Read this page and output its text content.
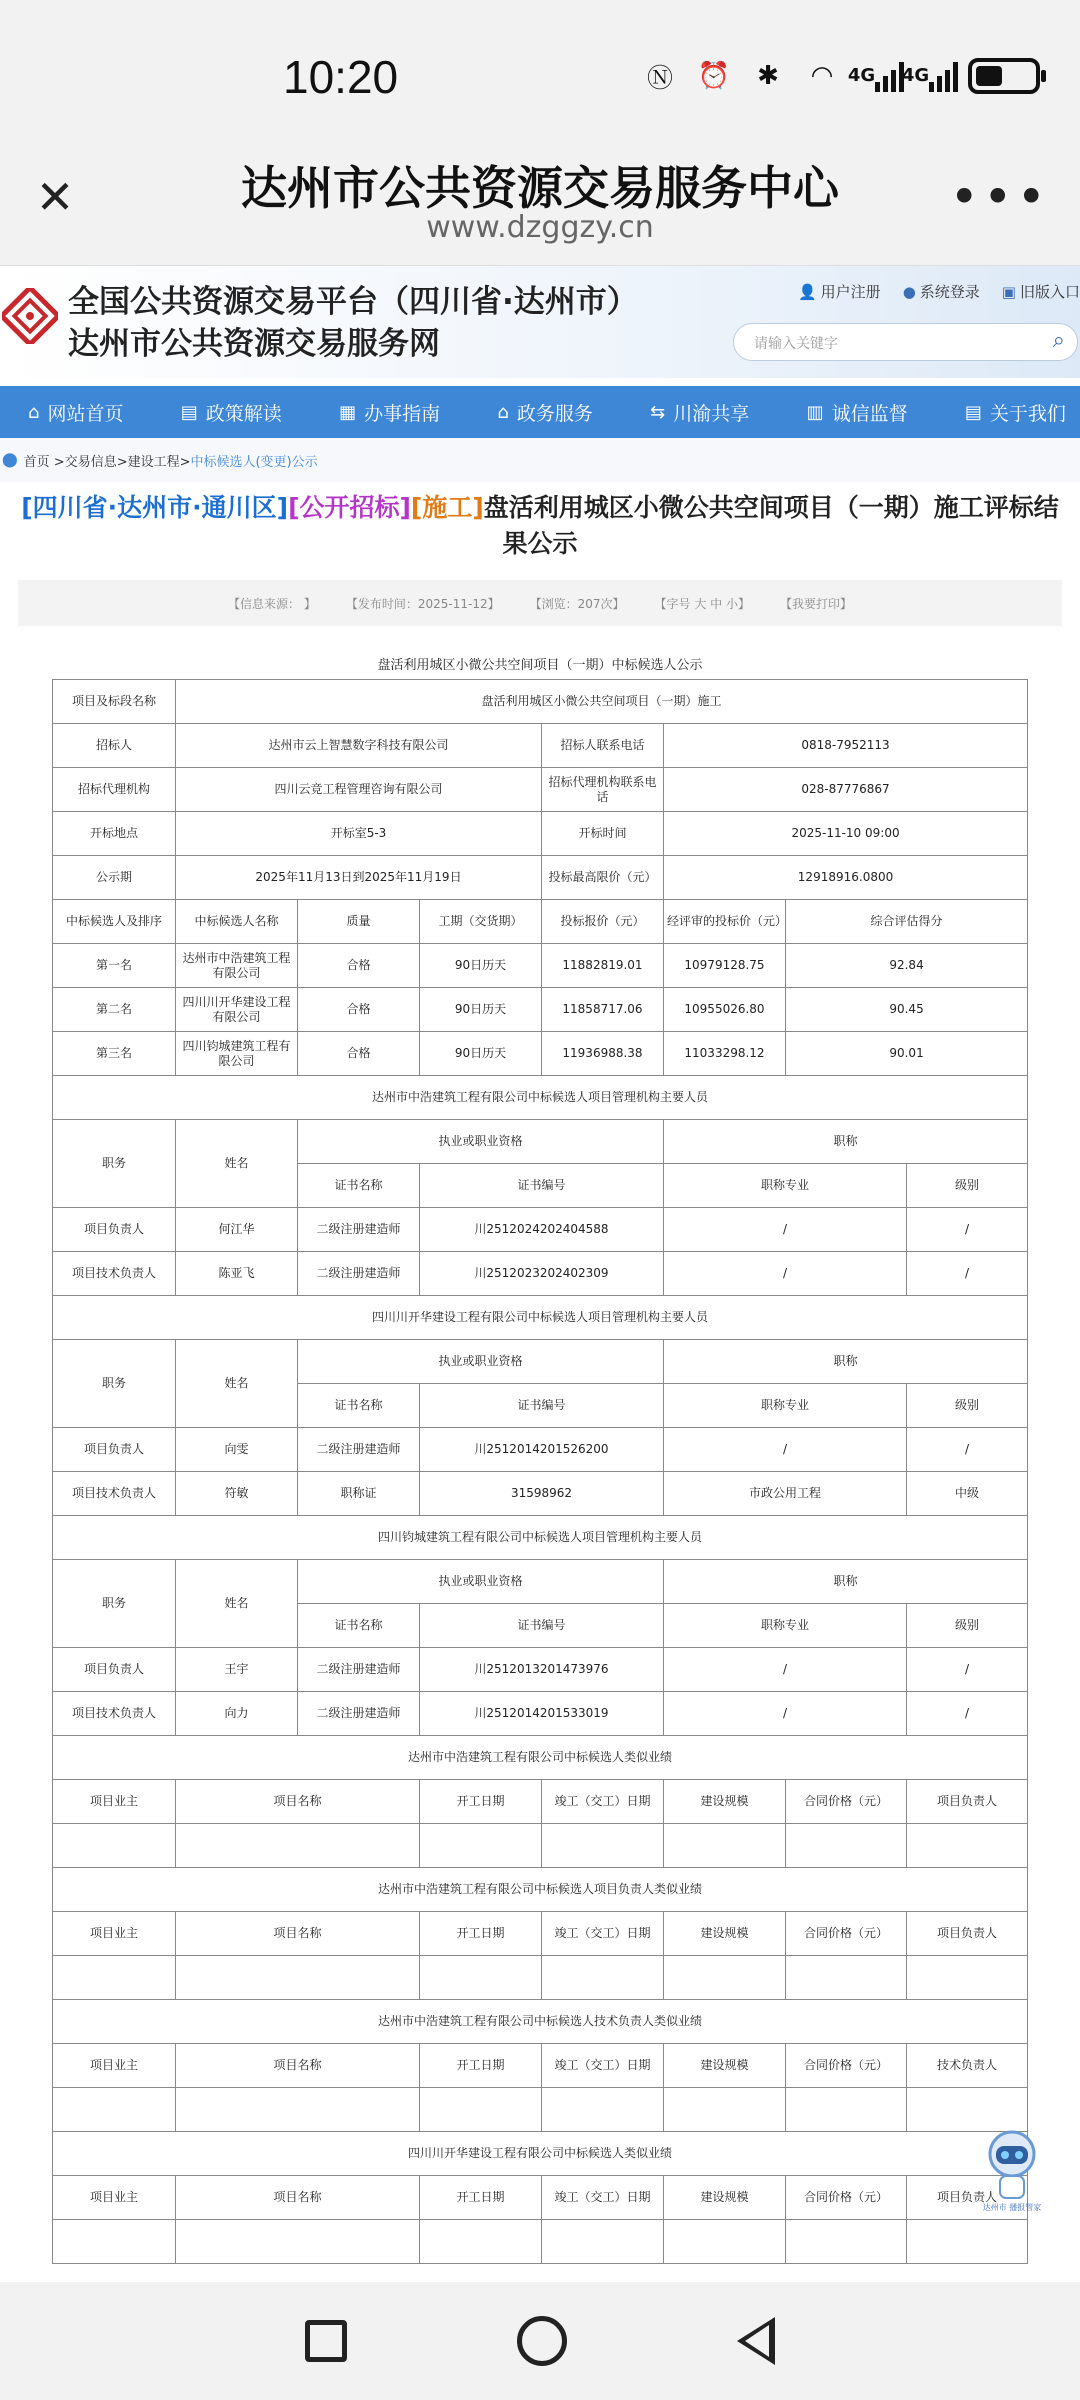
10:20	Ⓝ ⏰	✱	◠ 4G 4G
✕	达州市公共资源交易服务中心
www.dzggzy.cn
•••
全国公共资源交易平台（四川省·达州市）
达州市公共资源交易服务网
👤 用户注册 ● 系统登录 ▣ 旧版入口
请输入关键字	⌕
⌂ 网站首页	▤ 政策解读	▦ 办事指南	⌂ 政务服务	⇆ 川渝共享	▥ 诚信监督	▤ 关于我们
⬤ 首页 >交易信息>建设工程> 中标候选人(变更)公示
[四川省·达州市·通川区][公开招标][施工]盘活利用城区小微公共空间项目（一期）施工评标结果公示
【信息来源： 】	【发布时间：2025-11-12】	【浏览：207次】	【字号 大 中 小】	【我要打印】
盘活利用城区小微公共空间项目（一期）中标候选人公示
项目及标段名称	盘活利用城区小微公共空间项目（一期）施工						
招标人	达州市云上智慧数字科技有限公司			招标人联系电话	0818-7952113		
招标代理机构	四川云竞工程管理咨询有限公司			招标代理机构联系电话	028-87776867		
开标地点	开标室5-3			开标时间	2025-11-10 09:00		
公示期	2025年11月13日到2025年11月19日			投标最高限价（元）	12918916.0800		
中标候选人及排序	中标候选人名称	质量	工期（交货期）	投标报价（元）	经评审的投标价（元）	综合评估得分	
第一名	达州市中浩建筑工程有限公司	合格	90日历天	11882819.01	10979128.75	92.84	
第二名	四川川开华建设工程有限公司	合格	90日历天	11858717.06	10955026.80	90.45	
第三名	四川钧城建筑工程有限公司	合格	90日历天	11936988.38	11033298.12	90.01	
达州市中浩建筑工程有限公司中标候选人项目管理机构主要人员							
职务	姓名	执业或职业资格			职称		
		证书名称	证书编号		职称专业		级别
项目负责人	何江华	二级注册建造师	川2512024202404588		/		/
项目技术负责人	陈亚飞	二级注册建造师	川2512023202402309		/		/
四川川开华建设工程有限公司中标候选人项目管理机构主要人员							
职务	姓名	执业或职业资格			职称		
		证书名称	证书编号		职称专业		级别
项目负责人	向雯	二级注册建造师	川2512014201526200		/		/
项目技术负责人	符敏	职称证	31598962		市政公用工程		中级
四川钧城建筑工程有限公司中标候选人项目管理机构主要人员							
职务	姓名	执业或职业资格			职称		
		证书名称	证书编号		职称专业		级别
项目负责人	王宇	二级注册建造师	川2512013201473976		/		/
项目技术负责人	向力	二级注册建造师	川2512014201533019		/		/
达州市中浩建筑工程有限公司中标候选人类似业绩							
项目业主	项目名称		开工日期	竣工（交工）日期	建设规模	合同价格（元）	项目负责人

达州市中浩建筑工程有限公司中标候选人项目负责人类似业绩							
项目业主	项目名称		开工日期	竣工（交工）日期	建设规模	合同价格（元）	项目负责人

达州市中浩建筑工程有限公司中标候选人技术负责人类似业绩							
项目业主	项目名称		开工日期	竣工（交工）日期	建设规模	合同价格（元）	技术负责人

四川川开华建设工程有限公司中标候选人类似业绩							
项目业主	项目名称		开工日期	竣工（交工）日期	建设规模	合同价格（元）	项目负责人

达州市 播报管家
